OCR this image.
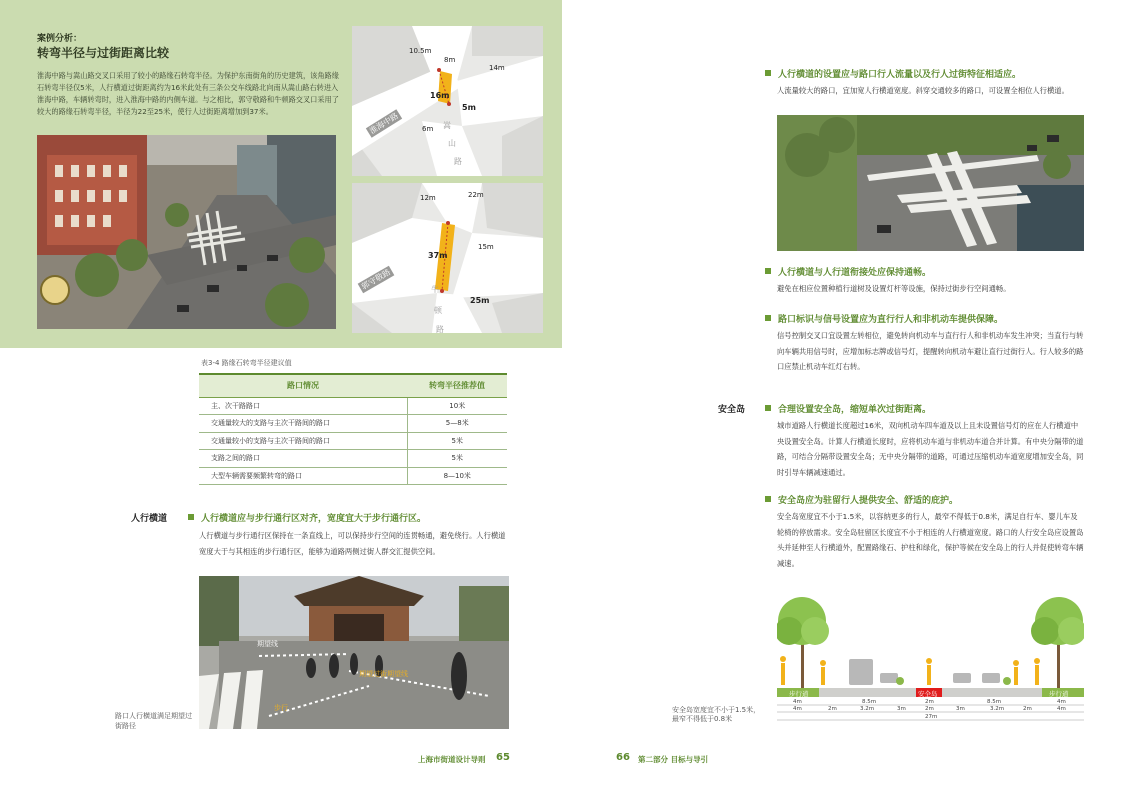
案例分析：
转弯半径与过街距离比较
淮海中路与嵩山路交叉口采用了较小的路缘石转弯半径。为保护东南街角的历史建筑，该角路缘石转弯半径仅5米，人行横道过街距离约为16米此处有三条公交车线路北向南从嵩山路右转进入淮海中路，车辆转弯时，进入淮海中路的内侧车道。与之相比，郭守敬路和牛顿路交叉口采用了较大的路缘石转弯半径，半径为22至25米，使行人过街距离增加到37米。
10.5m
8m
14m
16m
5m
6m
淮海中路	嵩
山
路
12m	22m
15m
37m
25m
郭守敬路	牛
顿
路
表3-4 路缘石转弯半径建议值
路口情况	转弯半径推荐值
主、次干路路口	10米
交通量较大的支路与主次干路间的路口	5—8米
交通量较小的支路与主次干路间的路口	5米
支路之间的路口	5米
大型车辆需要频繁转弯的路口	8—10米
人行横道	人行横道应与步行通行区对齐，宽度宜大于步行通行区。
人行横道与步行通行区保持在一条直线上，可以保持步行空间的连贯畅通，避免绕行。人行横道宽度大于与其相连的步行通行区，能够为道路两侧过街人群交汇提供空间。
路口人行横道满足期望过街路径
期望线
期望过街期望线
步行
上海市街道设计导则 65
人行横道的设置应与路口行人流量以及行人过街特征相适应。
人流量较大的路口，宜加宽人行横道宽度。斜穿交通较多的路口，可设置全相位人行横道。
人行横道与人行道衔接处应保持通畅。
避免在相应位置种植行道树及设置灯杆等设施，保持过街步行空间通畅。
路口标识与信号设置应为直行行人和非机动车提供保障。
信号控制交叉口宜设置左转相位，避免转向机动车与直行行人和非机动车发生冲突；当直行与转向车辆共用信号时，应增加标志牌或信号灯，提醒转向机动车避让直行过街行人。行人较多的路口应禁止机动车红灯右转。
安全岛	合理设置安全岛，缩短单次过街距离。
城市道路人行横道长度超过16米，双向机动车四车道及以上且未设置信号灯的应在人行横道中央设置安全岛。计算人行横道长度时，应将机动车道与非机动车道合并计算。有中央分隔带的道路，可结合分隔带设置安全岛；无中央分隔带的道路，可通过压缩机动车道宽度增加安全岛，同时引导车辆减速通过。
安全岛应为驻留行人提供安全、舒适的庇护。
安全岛宽度宜不小于1.5米，以容纳更多的行人，最窄不得低于0.8米，满足自行车、婴儿车及轮椅的停放需求。安全岛驻留区长度宜不小于相连的人行横道宽度。路口的人行安全岛应设置岛头并延伸至人行横道外，配置路缘石、护柱和绿化，保护等候在安全岛上的行人并促使转弯车辆减速。
步行道	安全岛	步行道
4m	8.5m	2m	8.5m	4m
4m	2m	3.2m	3m	2m	3m	3.2m	2m	4m
27m
安全岛宽度宜不小于1.5米，最窄不得低于0.8米
66 第二部分 目标与导引
